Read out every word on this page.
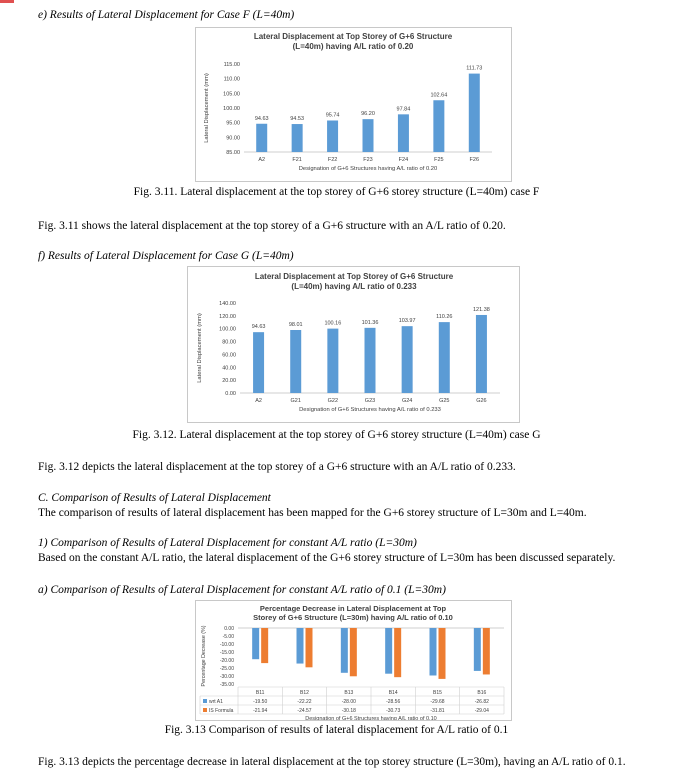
e) Results of Lateral Displacement for Case F (L=40m)
Lateral Displacement at Top Storey of G+6 Structure
(L=40m) having A/L ratio of 0.20
115.00
110.00
105.00
100.00
95.00
90.00
85.00
94.63
A2
94.53
F21
95.74
F22
96.20
F23
97.84
F24
102.64
F25
111.73
F26
Designation of G+6 Structures having A/L ratio of 0.20
Lateral Displacement (mm)
Fig. 3.11. Lateral displacement at the top storey of G+6 storey structure (L=40m) case F
Fig. 3.11 shows the lateral displacement at the top storey of a G+6 structure with an A/L ratio of 0.20.
f) Results of Lateral Displacement for Case G (L=40m)
Lateral Displacement at Top Storey of G+6 Structure
(L=40m) having A/L ratio of 0.233
140.00
120.00
100.00
80.00
60.00
40.00
20.00
0.00
94.63
A2
98.01
G21
100.16
G22
101.36
G23
103.97
G24
110.26
G25
121.38
G26
Designation of G+6 Structures having A/L ratio of 0.233
Lateral Displacement (mm)
Fig. 3.12. Lateral displacement at the top storey of G+6 storey structure (L=40m) case G
Fig. 3.12 depicts the lateral displacement at the top storey of a G+6 structure with an A/L ratio of 0.233.
C. Comparison of Results of Lateral Displacement
The comparison of results of lateral displacement has been mapped for the G+6 storey structure of L=30m and L=40m.
1) Comparison of Results of Lateral Displacement for constant A/L ratio (L=30m)
Based on the constant A/L ratio, the lateral displacement of the G+6 storey structure of L=30m has been discussed separately.
a) Comparison of Results of Lateral Displacement for constant A/L ratio of 0.1 (L=30m)
Percentage Decrease in Lateral Displacement at Top
Storey of G+6 Structure (L=30m) having A/L ratio of 0.10
0.00
-5.00
-10.00
-15.00
-20.00
-25.00
-30.00
-35.00
-19.50
-21.94
B11
-22.22
-24.57
B12
-28.00
-30.18
B13
-28.56
-30.73
B14
-29.68
-31.81
B15
-26.82
-29.04
B16
wrt A1
IS Formula
Designation of G+6 Structures having A/L ratio of 0.10
Percentage Decrease (%)
Fig. 3.13 Comparison of results of lateral displacement for A/L ratio of 0.1
Fig. 3.13 depicts the percentage decrease in lateral displacement at the top storey structure (L=30m), having an A/L ratio of 0.1.
